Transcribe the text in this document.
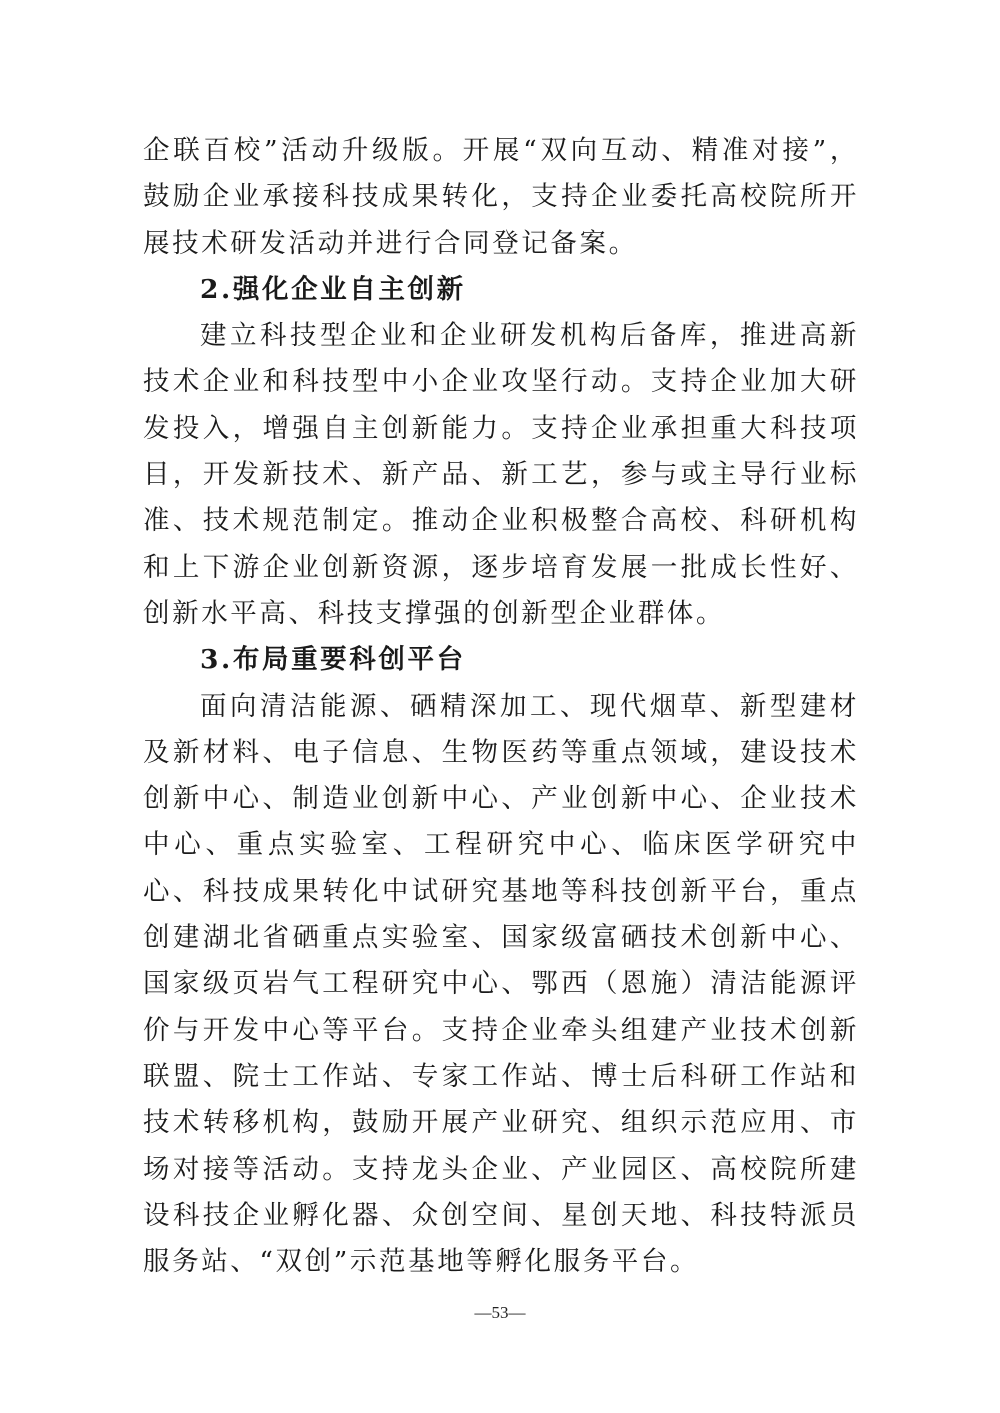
企联百校”活动升级版。开展“双向互动、精准对接”，鼓励企业承接科技成果转化，支持企业委托高校院所开展技术研发活动并进行合同登记备案。

2.强化企业自主创新

建立科技型企业和企业研发机构后备库，推进高新技术企业和科技型中小企业攻坚行动。支持企业加大研发投入，增强自主创新能力。支持企业承担重大科技项目，开发新技术、新产品、新工艺，参与或主导行业标准、技术规范制定。推动企业积极整合高校、科研机构和上下游企业创新资源，逐步培育发展一批成长性好、创新水平高、科技支撑强的创新型企业群体。

3.布局重要科创平台

面向清洁能源、硒精深加工、现代烟草、新型建材及新材料、电子信息、生物医药等重点领域，建设技术创新中心、制造业创新中心、产业创新中心、企业技术中心、重点实验室、工程研究中心、临床医学研究中心、科技成果转化中试研究基地等科技创新平台，重点创建湖北省硒重点实验室、国家级富硒技术创新中心、国家级页岩气工程研究中心、鄂西（恩施）清洁能源评价与开发中心等平台。支持企业牵头组建产业技术创新联盟、院士工作站、专家工作站、博士后科研工作站和技术转移机构，鼓励开展产业研究、组织示范应用、市场对接等活动。支持龙头企业、产业园区、高校院所建设科技企业孵化器、众创空间、星创天地、科技特派员服务站、“双创”示范基地等孵化服务平台。

—53—
